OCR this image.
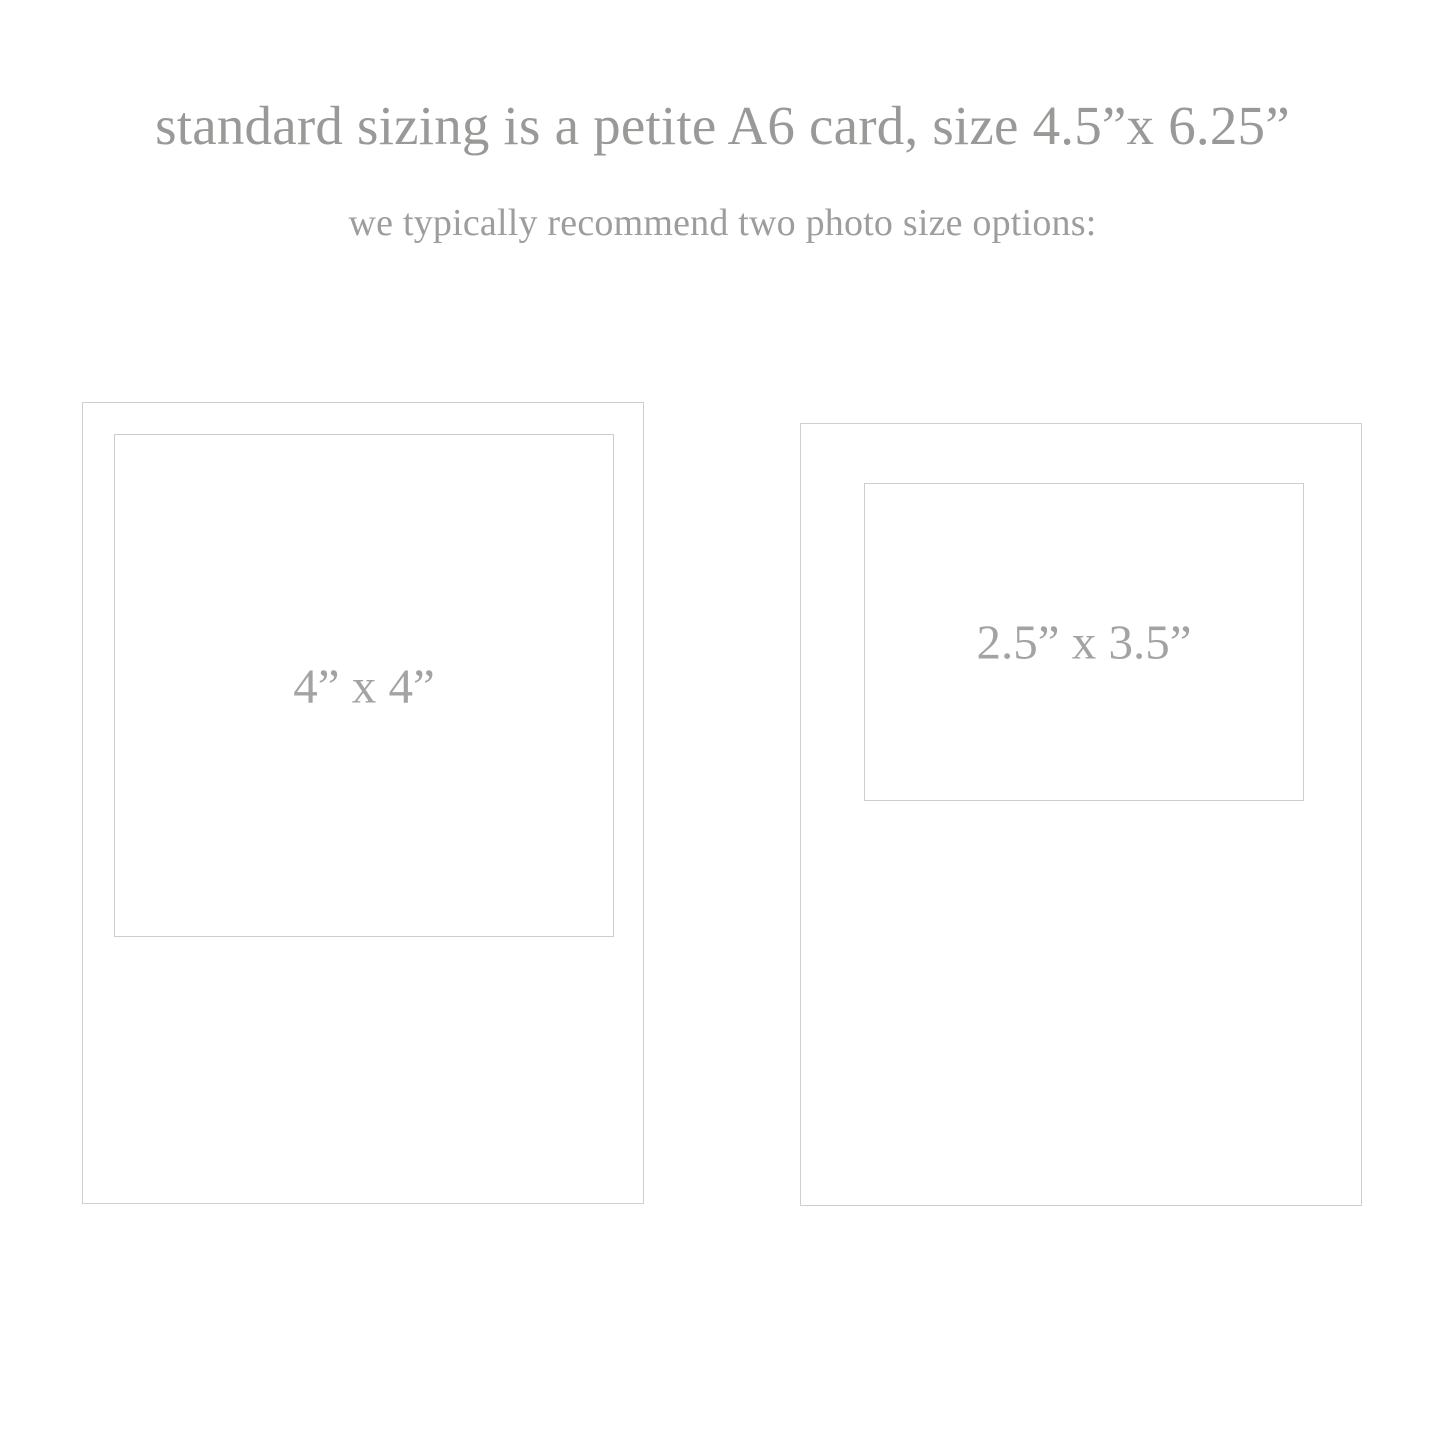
standard sizing is a petite A6 card, size 4.5”x 6.25”
we typically recommend two photo size options:
4” x 4”
2.5” x 3.5”
